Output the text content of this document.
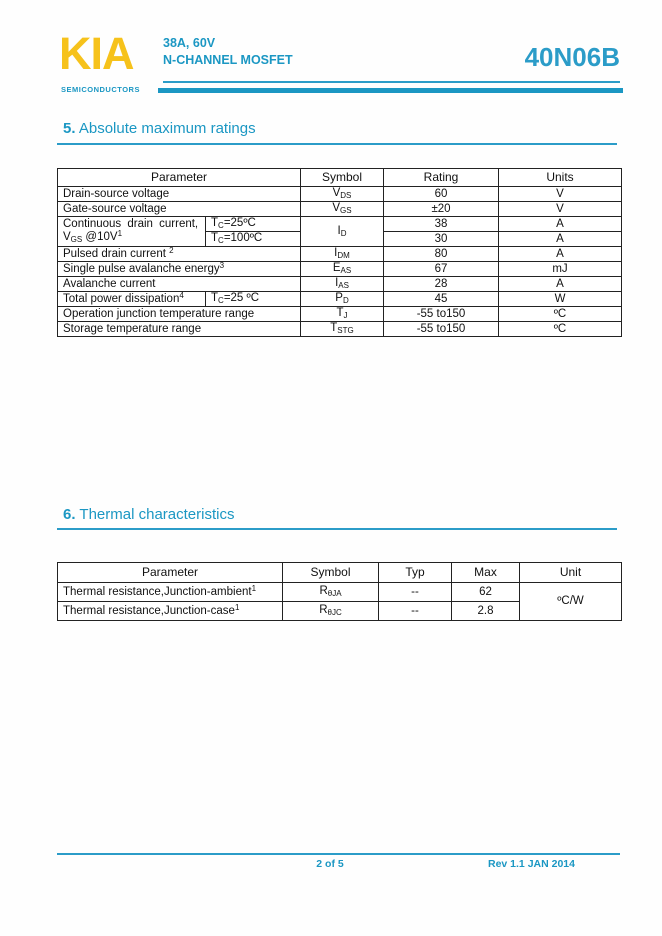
KIA
SEMICONDUCTORS
38A, 60V
N-CHANNEL MOSFET	40N06B
5. Absolute maximum ratings
Parameter		Symbol	Rating	Units
Drain-source voltage		VDS	60	V
Gate-source voltage		VGS	±20	V

Continuous drain current,
VGS $@10V^1$	TC=25ºC	ID	38	A
	TC=100ºC		30	A
Pulsed drain current $^2$		IDM	80	A
Single pulse avalanche energy$^3$		EAS	67	mJ
Avalanche current		IAS	28	A
Total power dissipation$^4$	TC=25 ºC	PD	45	W
Operation junction temperature range		TJ	-55 to150	ºC
Storage temperature range		TSTG	-55 to150	ºC
6. Thermal characteristics
Parameter	Symbol	Typ	Max	Unit
Thermal resistance,Junction-ambient$^1$	RθJA	--	62	ºC/W
Thermal resistance,Junction-case$^1$	RθJC	--	2.8	
2 of 5	Rev 1.1 JAN 2014
